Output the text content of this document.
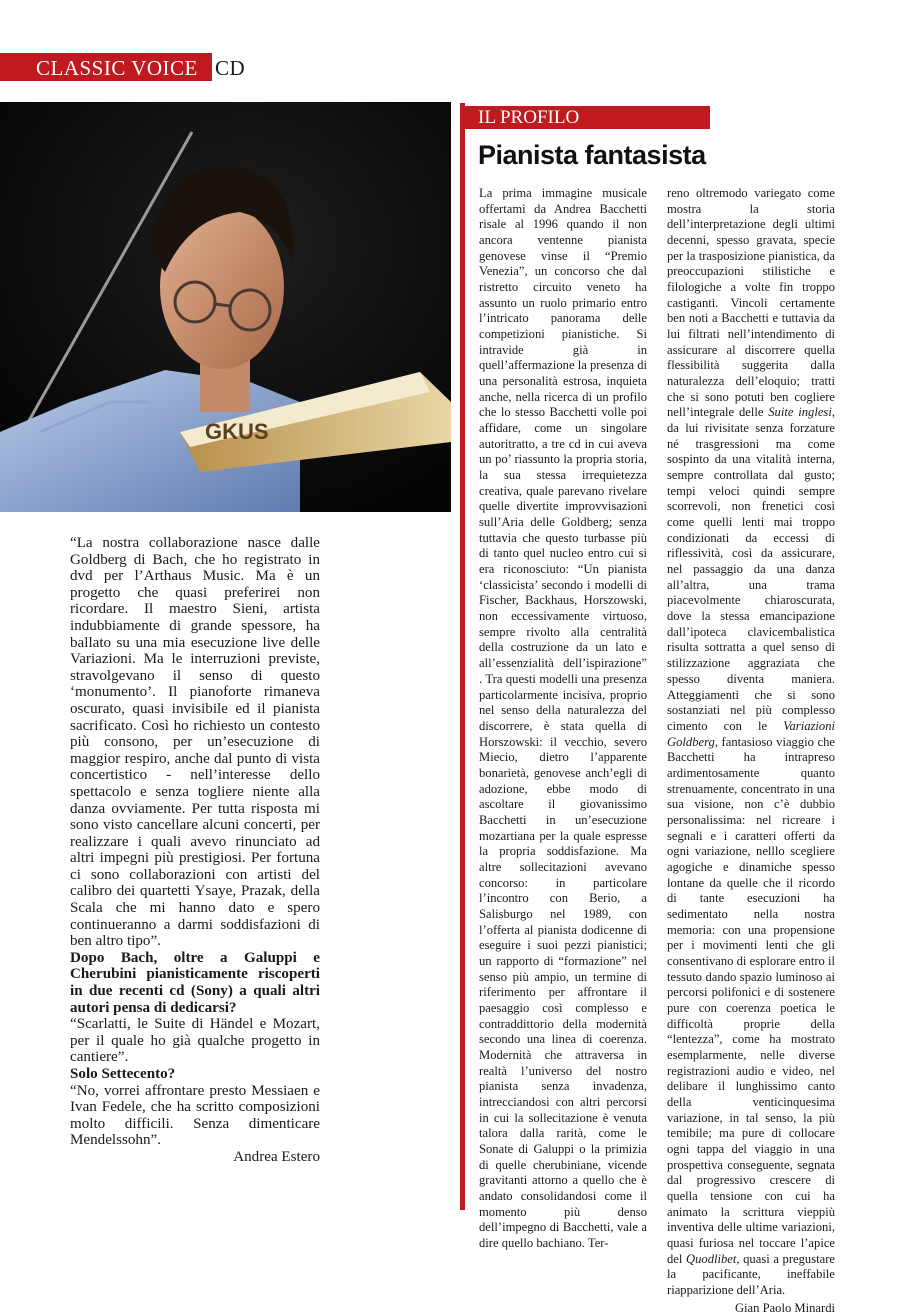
CLASSIC VOICE CD
GKUS

“La nostra collaborazione nasce dalle Goldberg di Bach, che ho registrato in dvd per l’Arthaus Music. Ma è un progetto che quasi preferirei non ricordare. Il maestro Sieni, artista indubbiamente di grande spessore, ha ballato su una mia esecuzione live delle Variazioni. Ma le interruzioni previste, stravolgevano il senso di questo ‘monumento’. Il pianoforte rimaneva oscurato, quasi invisibile ed il pianista sacrificato. Così ho richiesto un contesto più consono, per un’esecuzione di maggior respiro, anche dal punto di vista concertistico - nell’interesse dello spettacolo e senza togliere niente alla danza ovviamente. Per tutta risposta mi sono visto cancellare alcuni concerti, per realizzare i quali avevo rinunciato ad altri impegni più prestigiosi. Per fortuna ci sono collaborazioni con artisti del calibro dei quartetti Ysaye, Prazak, della Scala che mi hanno dato e spero continueranno a darmi soddisfazioni di ben altro tipo”.

Dopo Bach, oltre a Galuppi e Cherubini pianisticamente riscoperti in due recenti cd (Sony) a quali altri autori pensa di dedicarsi?

“Scarlatti, le Suite di Händel e Mozart, per il quale ho già qualche progetto in cantiere”.

Solo Settecento?

“No, vorrei affrontare presto Messiaen e Ivan Fedele, che ha scritto composizioni molto difficili. Senza dimenticare Mendelssohn”.

Andrea Estero

IL PROFILO
Pianista fantasista

La prima immagine musicale offertami da Andrea Bacchetti risale al 1996 quando il non ancora ventenne pianista genovese vinse il “Premio Venezia”, un concorso che dal ristretto circuito veneto ha assunto un ruolo primario entro l’intricato panorama delle competizioni pianistiche. Si intravide già in quell’affermazione la presenza di una personalità estrosa, inquieta anche, nella ricerca di un profilo che lo stesso Bacchetti volle poi affidare, come un singolare autoritratto, a tre cd in cui aveva un po’ riassunto la propria storia, la sua stessa irrequietezza creativa, quale parevano rivelare quelle divertite improvvisazioni sull’Aria delle Goldberg; senza tuttavia che questo turbasse più di tanto quel nucleo entro cui si era riconosciuto: “Un pianista ‘classicista’ secondo i modelli di Fischer, Backhaus, Horszowski, non eccessivamente virtuoso, sempre rivolto alla centralità della costruzione da un lato e all’essenzialità dell’ispirazione” . Tra questi modelli una presenza particolarmente incisiva, proprio nel senso della naturalezza del discorrere, è stata quella di Horszowski: il vecchio, severo Miecio, dietro l’apparente bonarietà, genovese anch’egli di adozione, ebbe modo di ascoltare il giovanissimo Bacchetti in un’esecuzione mozartiana per la quale espresse la propria soddisfazione. Ma altre sollecitazioni avevano concorso: in particolare l’incontro con Berio, a Salisburgo nel 1989, con l’offerta al pianista dodicenne di eseguire i suoi pezzi pianistici; un rapporto di “formazione” nel senso più ampio, un termine di riferimento per affrontare il paesaggio così complesso e contraddittorio della modernità secondo una linea di coerenza. Modernità che attraversa in realtà l’universo del nostro pianista senza invadenza, intrecciandosi con altri percorsi in cui la sollecitazione è venuta talora dalla rarità, come le Sonate di Galuppi o la primizia di quelle cherubiniane, vicende gravitanti attorno a quello che è andato consolidandosi come il momento più denso dell’impegno di Bacchetti, vale a dire quello bachiano. Ter-

reno oltremodo variegato come mostra la storia dell’interpretazione degli ultimi decenni, spesso gravata, specie per la trasposizione pianistica, da preoccupazioni stilistiche e filologiche a volte fin troppo castiganti. Vincoli certamente ben noti a Bacchetti e tuttavia da lui filtrati nell’intendimento di assicurare al discorrere quella flessibilità suggerita dalla naturalezza dell’eloquio; tratti che si sono potuti ben cogliere nell’integrale delle Suite inglesi, da lui rivisitate senza forzature né trasgressioni ma come sospinto da una vitalità interna, sempre controllata dal gusto; tempi veloci quindi sempre scorrevoli, non frenetici così come quelli lenti mai troppo condizionati da eccessi di riflessività, così da assicurare, nel passaggio da una danza all’altra, una trama piacevolmente chiaroscurata, dove la stessa emancipazione dall’ipoteca clavicembalistica risulta sottratta a quel senso di stilizzazione aggraziata che spesso diventa maniera. Atteggiamenti che si sono sostanziati nel più complesso cimento con le Variazioni Goldberg, fantasioso viaggio che Bacchetti ha intrapreso ardimentosamente quanto strenuamente, concentrato in una sua visione, non c’è dubbio personalissima: nel ricreare i segnali e i caratteri offerti da ogni variazione, nelllo scegliere agogiche e dinamiche spesso lontane da quelle che il ricordo di tante esecuzioni ha sedimentato nella nostra memoria: con una propensione per i movimenti lenti che gli consentivano di esplorare entro il tessuto dando spazio luminoso ai percorsi polifonici e di sostenere pure con coerenza poetica le difficoltà proprie della “lentezza”, come ha mostrato esemplarmente, nelle diverse registrazioni audio e video, nel delibare il lunghissimo canto della venticinquesima variazione, in tal senso, la più temibile; ma pure di collocare ogni tappa del viaggio in una prospettiva conseguente, segnata dal progressivo crescere di quella tensione con cui ha animato la scrittura vieppiù inventiva delle ultime variazioni, quasi furiosa nel toccare l’apice del Quodlibet, quasi a pregustare la pacificante, ineffabile riapparizione dell’Aria.

Gian Paolo Minardi
